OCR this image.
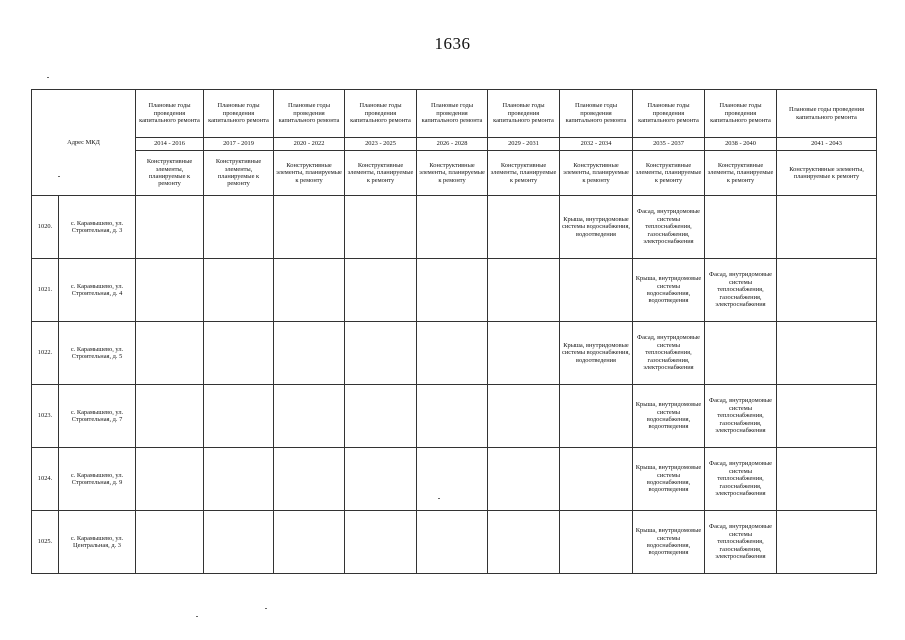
1636
Адрес МКД		Плановые годы проведения капитального ремонта	Плановые годы проведения капитального ремонта	Плановые годы проведения капитального ремонта	Плановые годы проведения капитального ремонта	Плановые годы проведения капитального ремонта	Плановые годы проведения капитального ремонта	Плановые годы проведения капитального ремонта	Плановые годы проведения капитального ремонта	Плановые годы проведения капитального ремонта	Плановые годы проведения капитального ремонта
		2014 - 2016	2017 - 2019	2020 - 2022	2023 - 2025	2026 - 2028	2029 - 2031	2032 - 2034	2035 - 2037	2038 - 2040	2041 - 2043
		Конструктивные элементы, планируемые к ремонту	Конструктивные элементы, планируемые к ремонту	Конструктивные элементы, планируемые к ремонту	Конструктивные элементы, планируемые к ремонту	Конструктивные элементы, планируемые к ремонту	Конструктивные элементы, планируемые к ремонту	Конструктивные элементы, планируемые к ремонту	Конструктивные элементы, планируемые к ремонту	Конструктивные элементы, планируемые к ремонту	Конструктивные элементы, планируемые к ремонту
1020.	с. Карамышево, ул. Строительная, д. 3							Крыша, внутридомовые системы водоснабжения, водоотведения	Фасад, внутридомовые системы теплоснабжения, газоснабжения, электроснабжения		
1021.	с. Карамышево, ул. Строительная, д. 4								Крыша, внутридомовые системы водоснабжения, водоотведения	Фасад, внутридомовые системы теплоснабжения, газоснабжения, электроснабжения	
1022.	с. Карамышево, ул. Строительная, д. 5							Крыша, внутридомовые системы водоснабжения, водоотведения	Фасад, внутридомовые системы теплоснабжения, газоснабжения, электроснабжения		
1023.	с. Карамышево, ул. Строительная, д. 7								Крыша, внутридомовые системы водоснабжения, водоотведения	Фасад, внутридомовые системы теплоснабжения, газоснабжения, электроснабжения	
1024.	с. Карамышево, ул. Строительная, д. 9								Крыша, внутридомовые системы водоснабжения, водоотведения	Фасад, внутридомовые системы теплоснабжения, газоснабжения, электроснабжения	
1025.	с. Карамышево, ул. Центральная, д. 3								Крыша, внутридомовые системы водоснабжения, водоотведения	Фасад, внутридомовые системы теплоснабжения, газоснабжения, электроснабжения	
